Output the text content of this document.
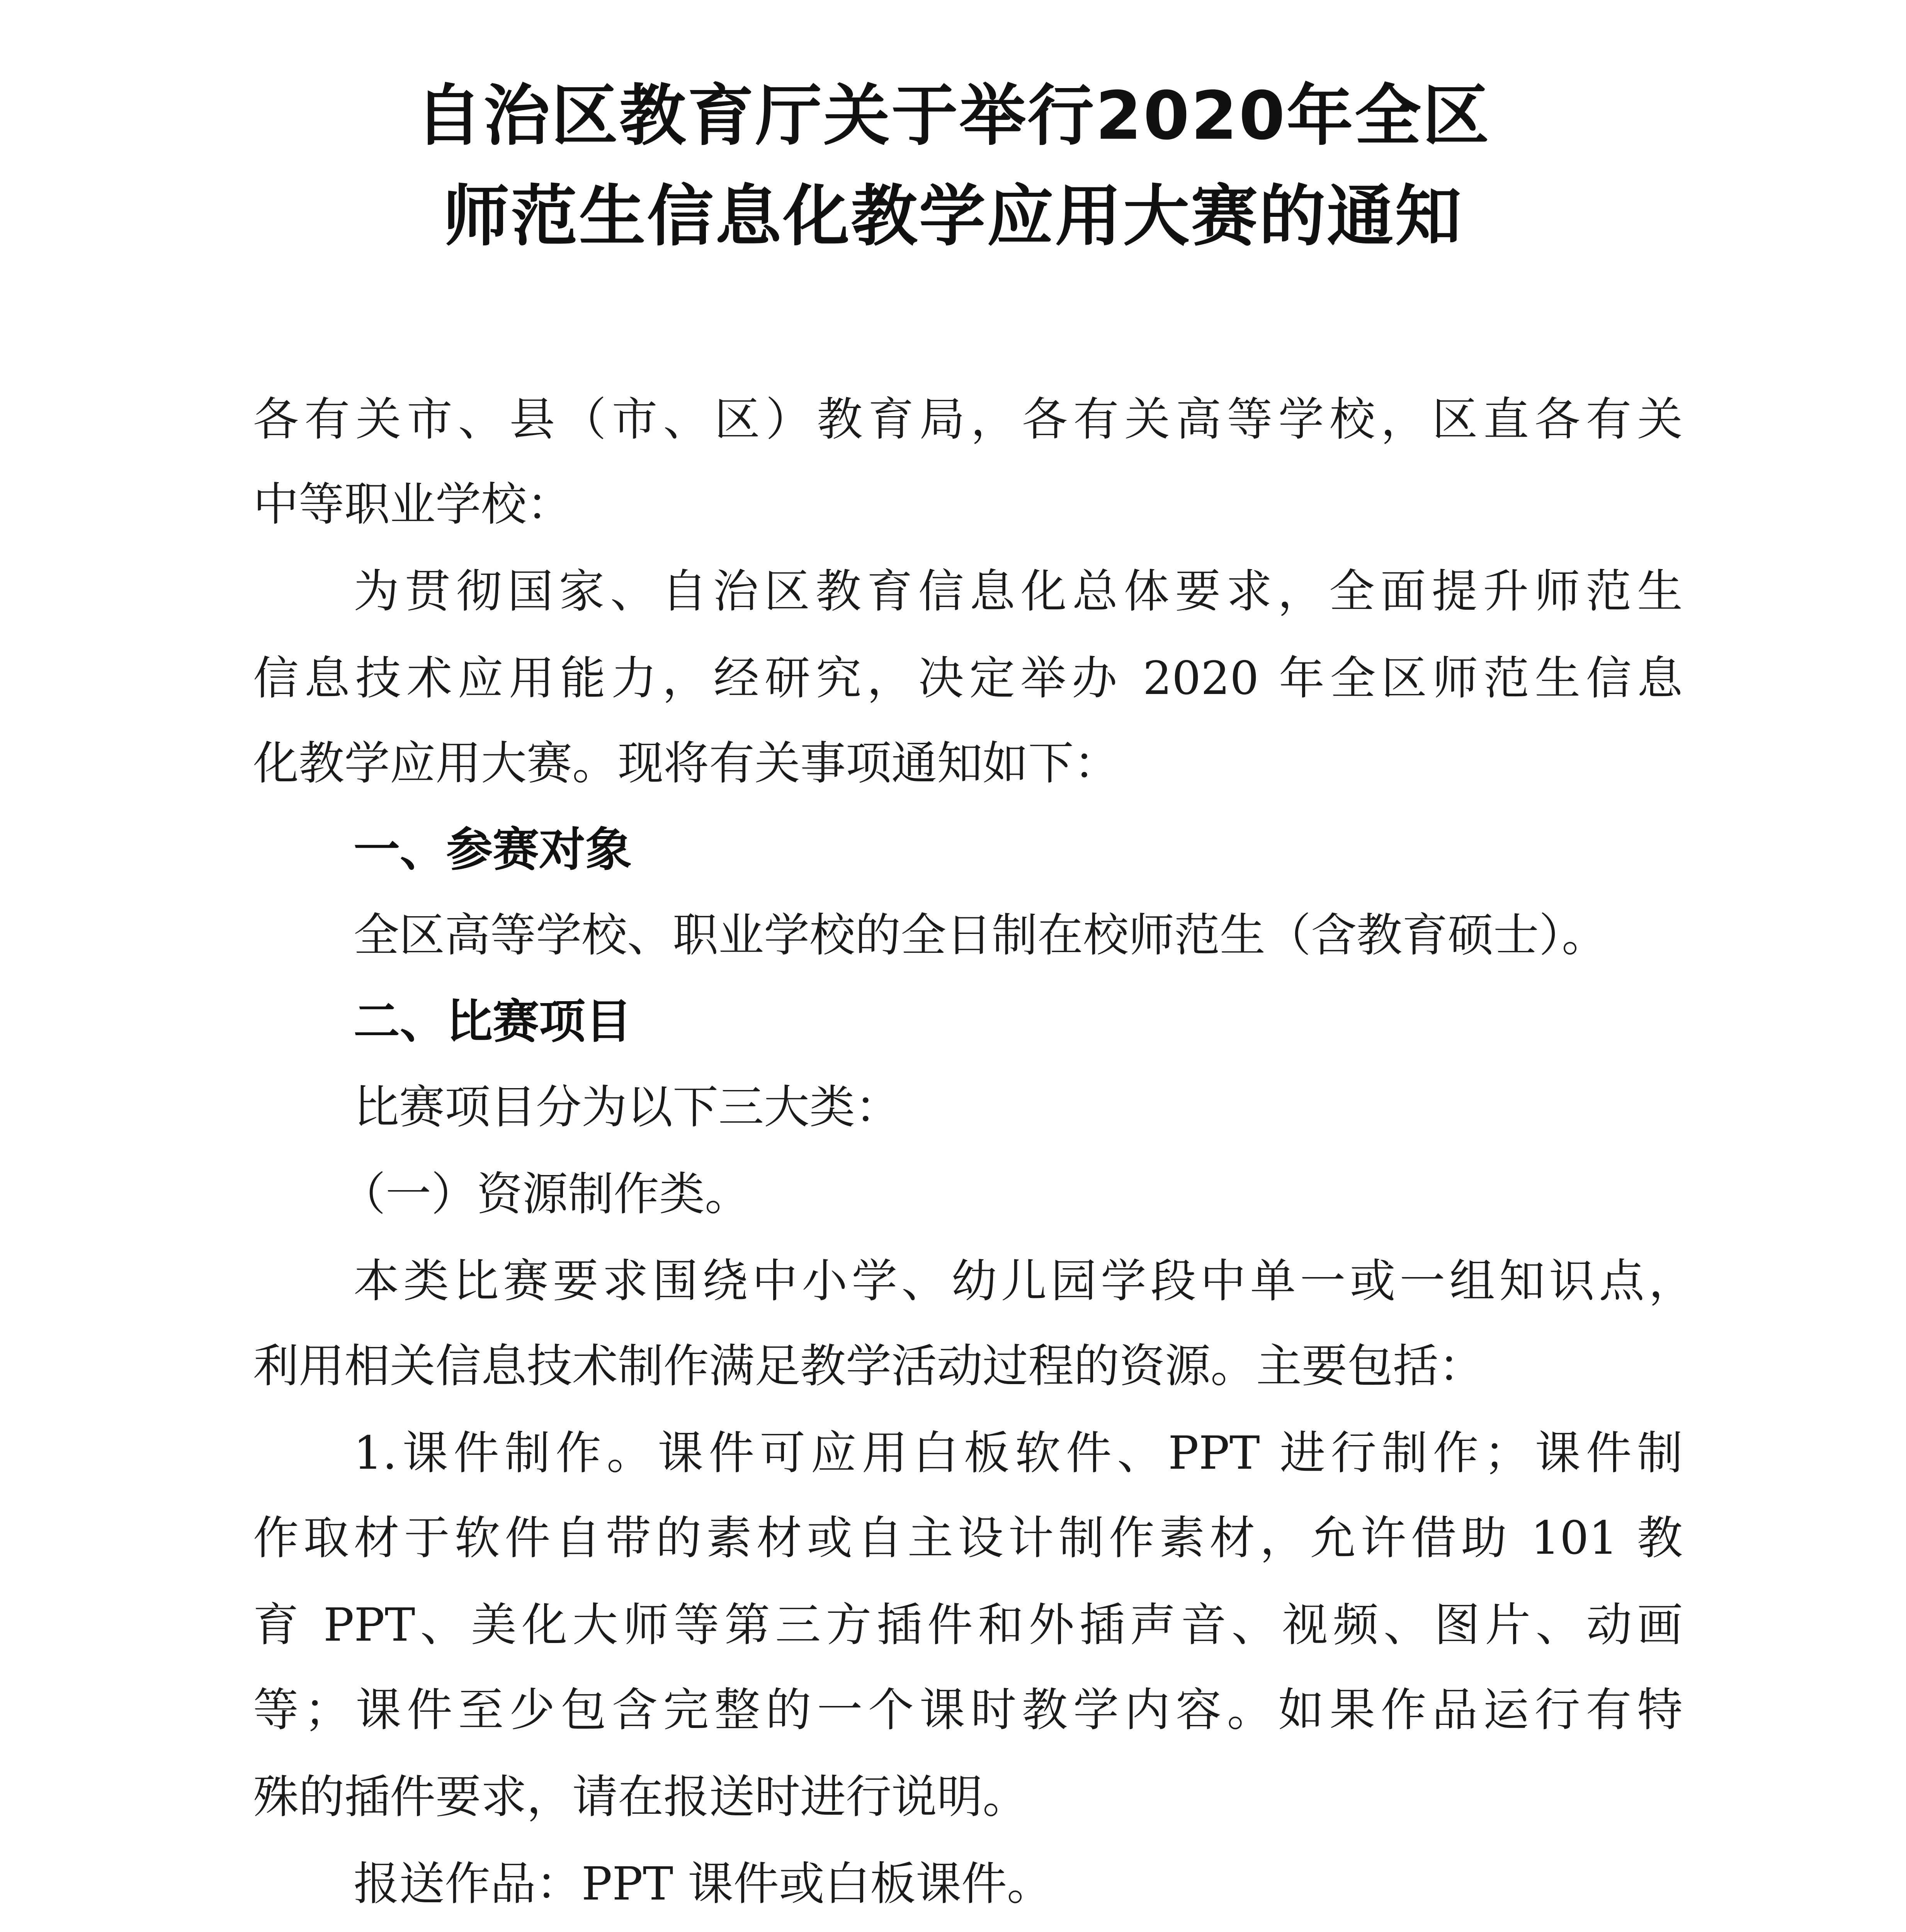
自治区教育厅关于举行2020年全区
师范生信息化教学应用大赛的通知
各有关市、县（市、区）教育局，各有关高等学校，区直各有关
中等职业学校：
为贯彻国家、自治区教育信息化总体要求，全面提升师范生
信息技术应用能力，经研究，决定举办 2020 年全区师范生信息
化教学应用大赛。现将有关事项通知如下：
一、参赛对象
全区高等学校、职业学校的全日制在校师范生（含教育硕士）。
二、比赛项目
比赛项目分为以下三大类：
（一）资源制作类。
本类比赛要求围绕中小学、幼儿园学段中单一或一组知识点，
利用相关信息技术制作满足教学活动过程的资源。主要包括：
1.课件制作。课件可应用白板软件、PPT 进行制作；课件制
作取材于软件自带的素材或自主设计制作素材，允许借助 101 教
育 PPT、美化大师等第三方插件和外插声音、视频、图片、动画
等；课件至少包含完整的一个课时教学内容。如果作品运行有特
殊的插件要求，请在报送时进行说明。
报送作品：PPT 课件或白板课件。
